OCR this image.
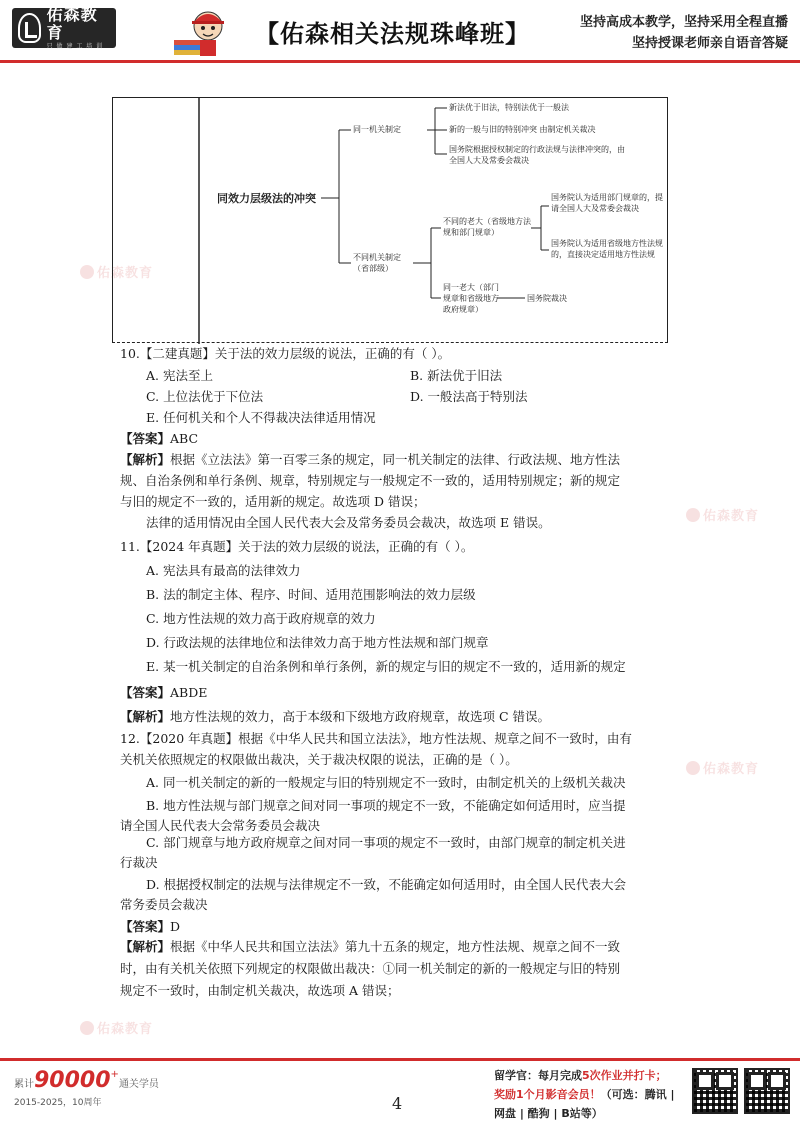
佑森教育
只 做 建 工 培 训	【佑森相关法规珠峰班】	坚持高成本教学，坚持采用全程直播
坚持授课老师亲自语音答疑
佑森教育
佑森教育
佑森教育
佑森教育
同效力层级法的冲突
同一机关制定
新法优于旧法，特别法优于一般法
新的一般与旧的特别冲突 由制定机关裁决
国务院根据授权制定的行政法规与法律冲突的，由全国人大及常委会裁决
不同机关制定（省部级）
不同的老大（省级地方法规和部门规章）
国务院认为适用部门规章的，提请全国人大及常委会裁决
国务院认为适用省级地方性法规的，直接决定适用地方性法规
同一老大（部门规章和省级地方政府规章）
国务院裁决
10.【二建真题】关于法的效力层级的说法，正确的有（ ）。
A. 宪法至上	B. 新法优于旧法
C. 上位法优于下位法	D. 一般法高于特别法
E. 任何机关和个人不得裁决法律适用情况
【答案】ABC
【解析】根据《立法法》第一百零三条的规定，同一机关制定的法律、行政法规、地方性法
规、自治条例和单行条例、规章，特别规定与一般规定不一致的，适用特别规定；新的规定
与旧的规定不一致的，适用新的规定。故选项 D 错误；
法律的适用情况由全国人民代表大会及常务委员会裁决，故选项 E 错误。
11.【2024 年真题】关于法的效力层级的说法，正确的有（ ）。
A. 宪法具有最高的法律效力
B. 法的制定主体、程序、时间、适用范围影响法的效力层级
C. 地方性法规的效力高于政府规章的效力
D. 行政法规的法律地位和法律效力高于地方性法规和部门规章
E. 某一机关制定的自治条例和单行条例，新的规定与旧的规定不一致的，适用新的规定
【答案】ABDE
【解析】地方性法规的效力，高于本级和下级地方政府规章，故选项 C 错误。
12.【2020 年真题】根据《中华人民共和国立法法》，地方性法规、规章之间不一致时，由有
关机关依照规定的权限做出裁决，关于裁决权限的说法，正确的是（ ）。
A. 同一机关制定的新的一般规定与旧的特别规定不一致时，由制定机关的上级机关裁决
B. 地方性法规与部门规章之间对同一事项的规定不一致，不能确定如何适用时，应当提
请全国人民代表大会常务委员会裁决
C. 部门规章与地方政府规章之间对同一事项的规定不一致时，由部门规章的制定机关进
行裁决
D. 根据授权制定的法规与法律规定不一致，不能确定如何适用时，由全国人民代表大会
常务委员会裁决
【答案】D
【解析】根据《中华人民共和国立法法》第九十五条的规定，地方性法规、规章之间不一致
时，由有关机关依照下列规定的权限做出裁决：①同一机关制定的新的一般规定与旧的特别
规定不一致时，由制定机关裁决，故选项 A 错误；
累计90000+通关学员
2015-2025，10周年	4
留学官：每月完成5次作业并打卡；
奖励1个月影音会员！（可选：腾讯 |
网盘 | 酷狗 | B站等）
